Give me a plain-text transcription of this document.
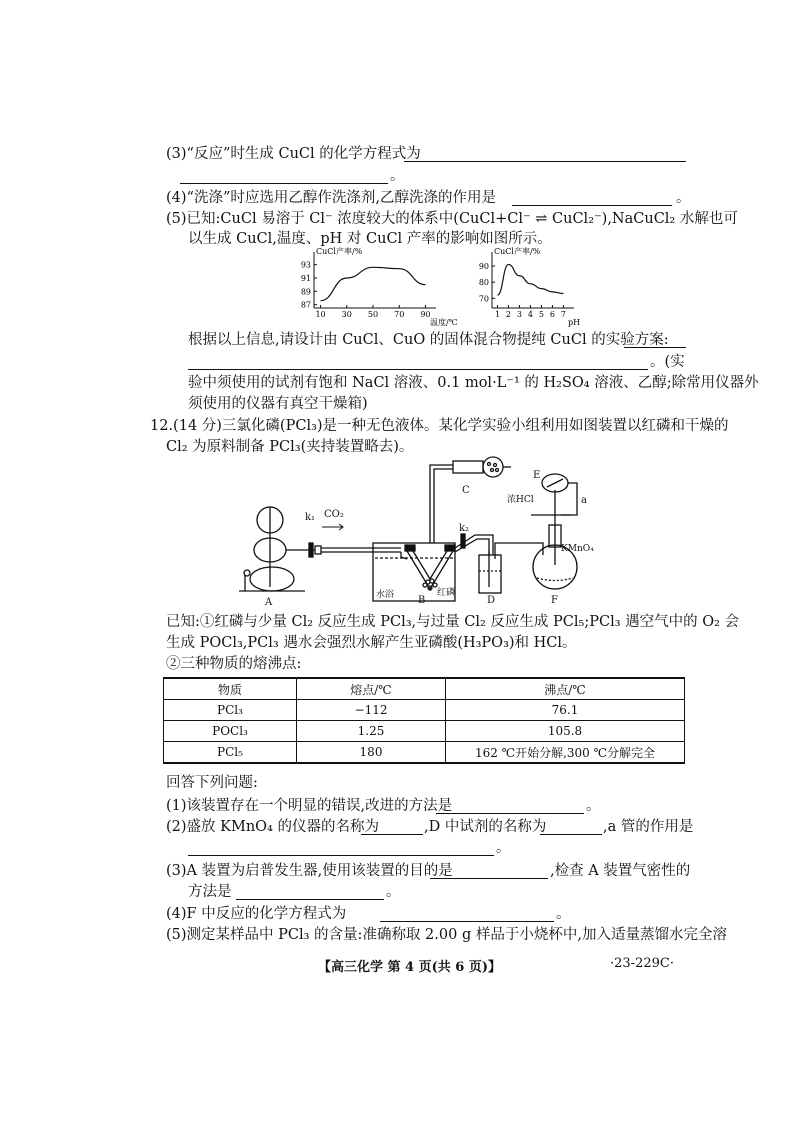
(3)“反应”时生成 CuCl 的化学方程式为
。
(4)“洗涤”时应选用乙醇作洗涤剂,乙醇洗涤的作用是	。
(5)已知:CuCl 易溶于 Cl⁻ 浓度较大的体系中(CuCl+Cl⁻ ⇌ CuCl₂⁻),NaCuCl₂ 水解也可
以生成 CuCl,温度、pH 对 CuCl 产率的影响如图所示。
CuCl产率/%
温度/℃
87
89
91
93
10 30 50 70 90
CuCl产率/%
pH
70
80
90
1 2 3 4 5 6 7
根据以上信息,请设计由 CuCl、CuO 的固体混合物提纯 CuCl 的实验方案:
。(实
验中须使用的试剂有饱和 NaCl 溶液、0.1 mol·L⁻¹ 的 H₂SO₄ 溶液、乙醇;除常用仪器外
须使用的仪器有真空干燥箱)
12.(14 分)三氯化磷(PCl₃)是一种无色液体。某化学实验小组利用如图装置以红磷和干燥的
Cl₂ 为原料制备 PCl₃(夹持装置略去)。
A	B
C
D
E
F
k₁
k₂
CO₂
a
水浴	红磷
浓HCl
KMnO₄
已知:①红磷与少量 Cl₂ 反应生成 PCl₃,与过量 Cl₂ 反应生成 PCl₅;PCl₃ 遇空气中的 O₂ 会
生成 POCl₃,PCl₃ 遇水会强烈水解产生亚磷酸(H₃PO₃)和 HCl。
②三种物质的熔沸点:
物质	熔点/℃	沸点/℃
PCl₃	−112	76.1
POCl₃	1.25	105.8
PCl₅	180	162 ℃开始分解,300 ℃分解完全
回答下列问题:
(1)该装置存在一个明显的错误,改进的方法是	。
(2)盛放 KMnO₄ 的仪器的名称为	,D 中试剂的名称为	,a 管的作用是
。
(3)A 装置为启普发生器,使用该装置的目的是	,检查 A 装置气密性的
方法是	。
(4)F 中反应的化学方程式为	。
(5)测定某样品中 PCl₃ 的含量:准确称取 2.00 g 样品于小烧杯中,加入适量蒸馏水完全溶
【高三化学 第 4 页(共 6 页)】	·23-229C·
